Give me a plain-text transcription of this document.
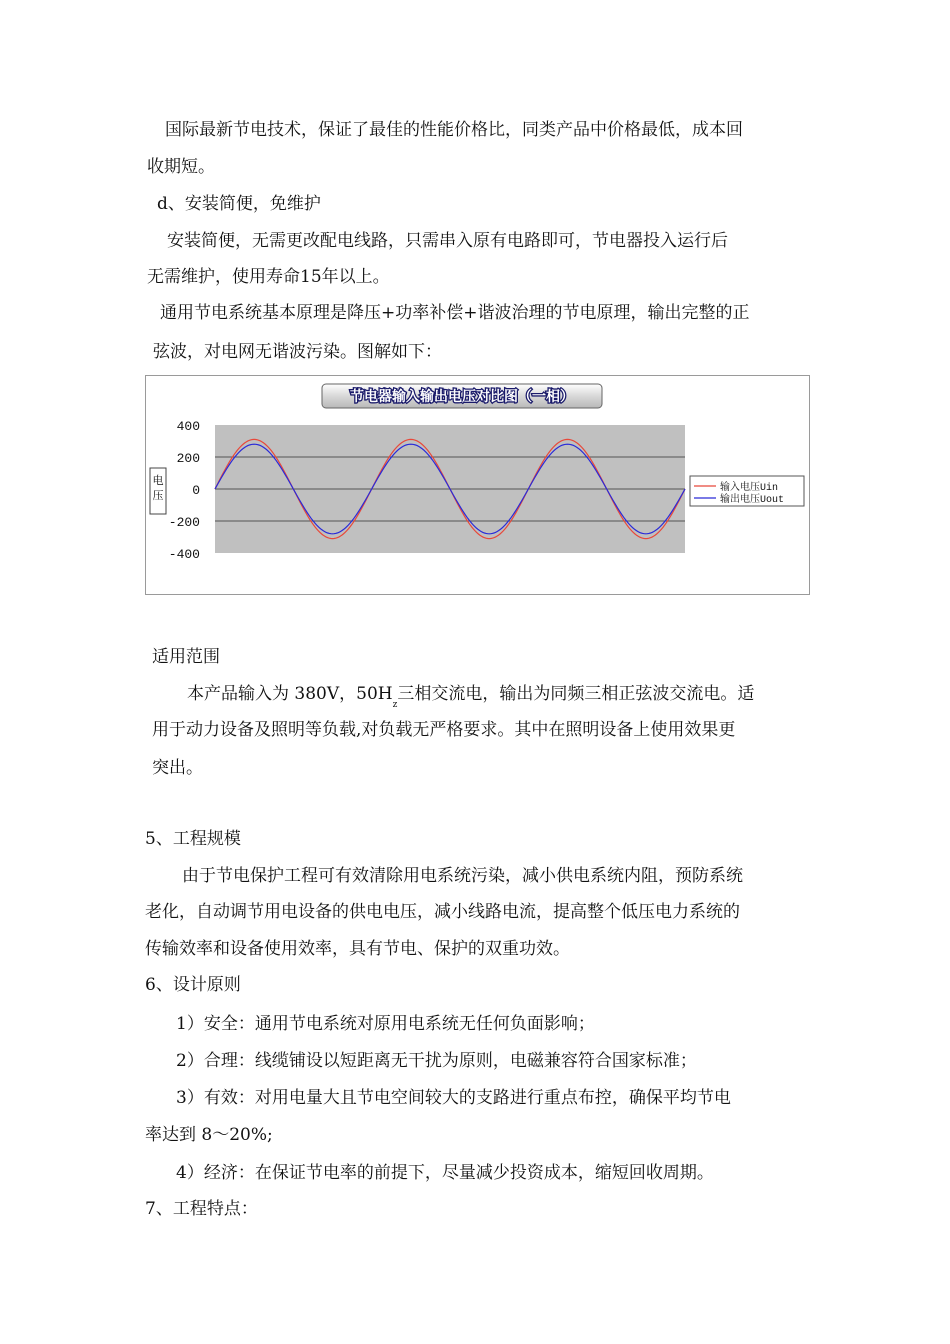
国际最新节电技术，保证了最佳的性能价格比，同类产品中价格最低，成本回
收期短。
d、安装简便，免维护
安装简便，无需更改配电线路，只需串入原有电路即可，节电器投入运行后
无需维护，使用寿命15年以上。
通用节电系统基本原理是降压+功率补偿+谐波治理的节电原理，输出完整的正
弦波，对电网无谐波污染。图解如下：
节电器输入输出电压对比图（一相）
400
200
0
-200
-400
电压
输入电压Uin
输出电压Uout
适用范围
本产品输入为 380V，$50H_z$三相交流电，输出为同频三相正弦波交流电。适
用于动力设备及照明等负载,对负载无严格要求。其中在照明设备上使用效果更
突出。
5、工程规模
由于节电保护工程可有效清除用电系统污染，减小供电系统内阻，预防系统
老化，自动调节用电设备的供电电压，减小线路电流，提高整个低压电力系统的
传输效率和设备使用效率，具有节电、保护的双重功效。
6、设计原则
1）安全：通用节电系统对原用电系统无任何负面影响；
2）合理：线缆铺设以短距离无干扰为原则，电磁兼容符合国家标准；
3）有效：对用电量大且节电空间较大的支路进行重点布控，确保平均节电
率达到 8～20%;
4）经济：在保证节电率的前提下，尽量减少投资成本，缩短回收周期。
7、工程特点：
